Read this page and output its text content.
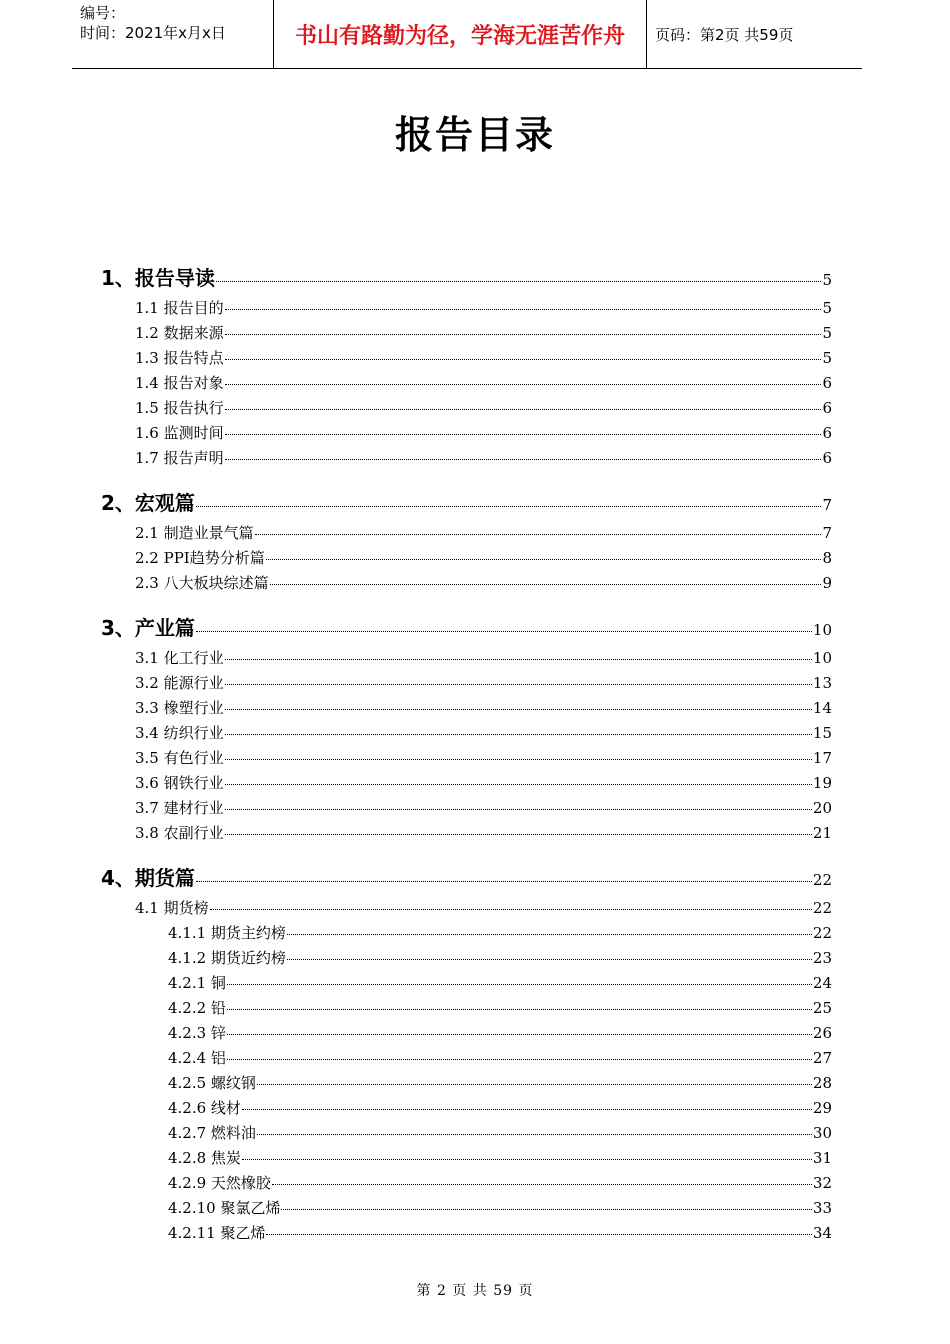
编号：
时间：2021年x月x日	书山有路勤为径，学海无涯苦作舟	页码：第2页 共59页
报告目录
1、报告导读	5
1.1 报告目的	5
1.2 数据来源	5
1.3 报告特点	5
1.4 报告对象	6
1.5 报告执行	6
1.6 监测时间	6
1.7 报告声明	6
2、宏观篇	7
2.1 制造业景气篇	7
2.2 PPI趋势分析篇	8
2.3 八大板块综述篇	9
3、产业篇	10
3.1 化工行业	10
3.2 能源行业	13
3.3 橡塑行业	14
3.4 纺织行业	15
3.5 有色行业	17
3.6 钢铁行业	19
3.7 建材行业	20
3.8 农副行业	21
4、期货篇	22
4.1 期货榜	22
4.1.1 期货主约榜	22
4.1.2 期货近约榜	23
4.2.1 铜	24
4.2.2 铅	25
4.2.3 锌	26
4.2.4 铝	27
4.2.5 螺纹钢	28
4.2.6 线材	29
4.2.7 燃料油	30
4.2.8 焦炭	31
4.2.9 天然橡胶	32
4.2.10 聚氯乙烯	33
4.2.11 聚乙烯	34
第 2 页 共 59 页
